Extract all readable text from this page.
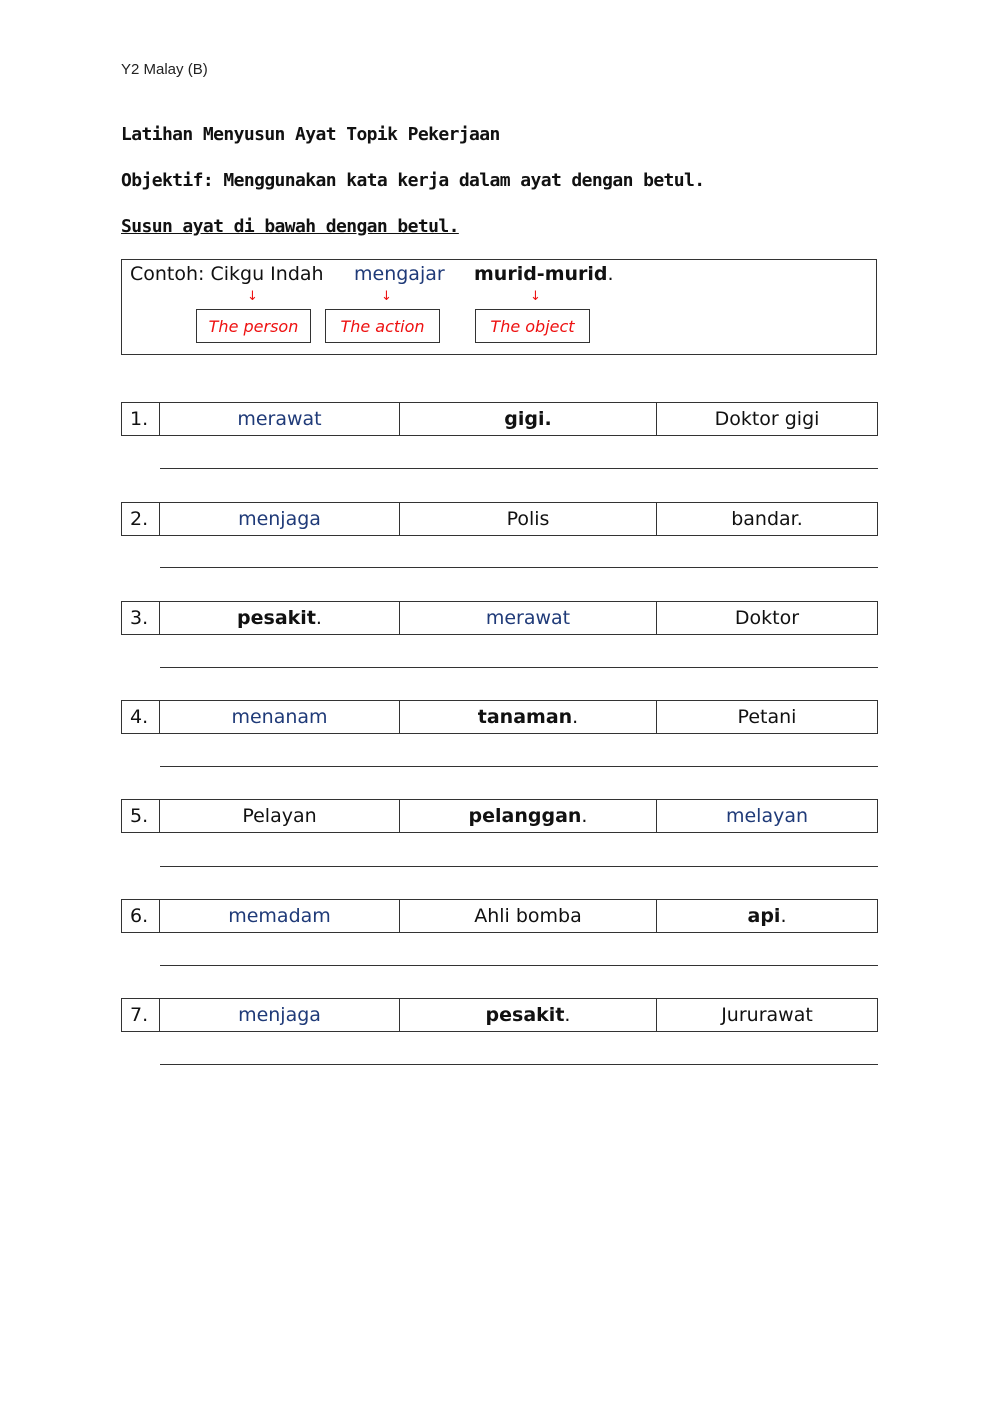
Y2 Malay (B)
Latihan Menyusun Ayat Topik Pekerjaan
Objektif: Menggunakan kata kerja dalam ayat dengan betul.
Susun ayat di bawah dengan betul.
Contoh: Cikgu Indah mengajar murid-murid.
↓	↓	↓
The person	The action	The object
1.	merawat	gigi.	Doktor gigi
2.	menjaga	Polis	bandar.
3.	pesakit .	merawat	Doktor
4.	menanam	tanaman .	Petani
5.	Pelayan	pelanggan .	melayan
6.	memadam	Ahli bomba	api .
7.	menjaga	pesakit .	Jururawat
